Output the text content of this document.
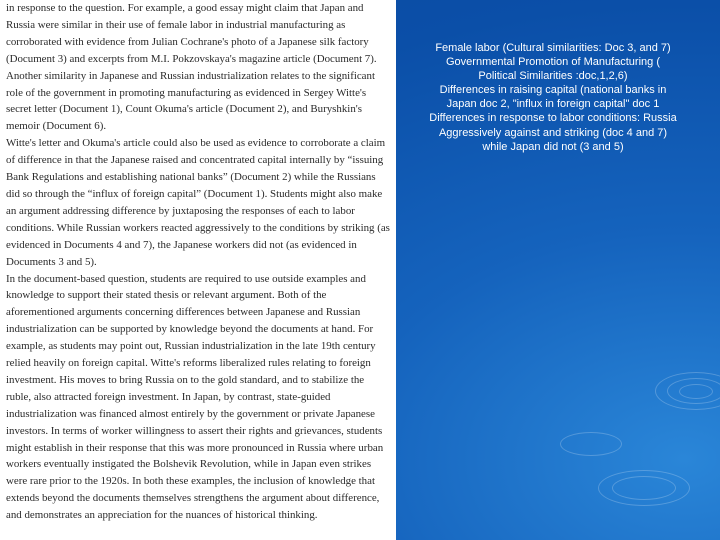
in response to the question. For example, a good essay might claim that Japan and Russia were similar in their use of female labor in industrial manufacturing as corroborated with evidence from Julian Cochrane's photo of a Japanese silk factory (Document 3) and excerpts from M.I. Pokzovskaya's magazine article (Document 7). Another similarity in Japanese and Russian industrialization relates to the significant role of the government in promoting manufacturing as evidenced in Sergey Witte's secret letter (Document 1), Count Okuma's article (Document 2), and Buryshkin's memoir (Document 6).

Witte's letter and Okuma's article could also be used as evidence to corroborate a claim of difference in that the Japanese raised and concentrated capital internally by “issuing Bank Regulations and establishing national banks” (Document 2) while the Russians did so through the “influx of foreign capital” (Document 1). Students might also make an argument addressing difference by juxtaposing the responses of each to labor conditions. While Russian workers reacted aggressively to the conditions by striking (as evidenced in Documents 4 and 7), the Japanese workers did not (as evidenced in Documents 3 and 5).

In the document-based question, students are required to use outside examples and knowledge to support their stated thesis or relevant argument. Both of the aforementioned arguments concerning differences between Japanese and Russian industrialization can be supported by knowledge beyond the documents at hand. For example, as students may point out, Russian industrialization in the late 19th century relied heavily on foreign capital. Witte's reforms liberalized rules relating to foreign investment. His moves to bring Russia on to the gold standard, and to stabilize the ruble, also attracted foreign investment. In Japan, by contrast, state-guided industrialization was financed almost entirely by the government or private Japanese investors. In terms of worker willingness to assert their rights and grievances, students might establish in their response that this was more pronounced in Russia where urban workers eventually instigated the Bolshevik Revolution, while in Japan even strikes were rare prior to the 1920s. In both these examples, the inclusion of knowledge that extends beyond the documents themselves strengthens the argument about difference, and demonstrates an appreciation for the nuances of historical thinking.

Female labor (Cultural similarities: Doc 3, and 7)
Governmental Promotion of Manufacturing ( Political Similarities :doc,1,2,6)
Differences in raising capital (national banks in Japan doc 2, "influx in foreign capital" doc 1
Differences in response to labor conditions: Russia Aggressively against and striking (doc 4 and 7) while Japan did not (3 and 5)
